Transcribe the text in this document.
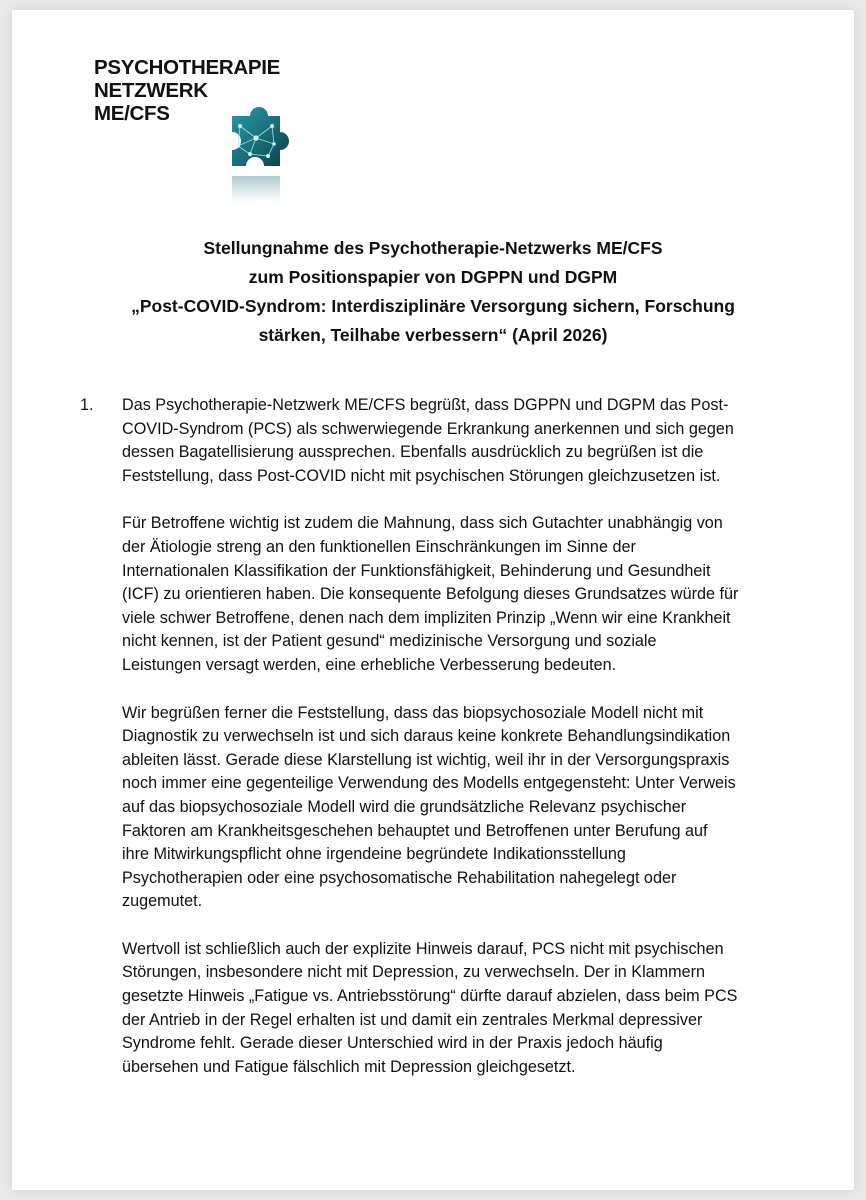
PSYCHOTHERAPIE
NETZWERK
ME/CFS
Stellungnahme des Psychotherapie-Netzwerks ME/CFS
zum Positionspapier von DGPPN und DGPM
„Post-COVID-Syndrom: Interdisziplinäre Versorgung sichern, Forschung
stärken, Teilhabe verbessern“ (April 2026)
1. Das Psychotherapie-Netzwerk ME/CFS begrüßt, dass DGPPN und DGPM das Post-
COVID-Syndrom (PCS) als schwerwiegende Erkrankung anerkennen und sich gegen
dessen Bagatellisierung aussprechen. Ebenfalls ausdrücklich zu begrüßen ist die
Feststellung, dass Post-COVID nicht mit psychischen Störungen gleichzusetzen ist.

Für Betroffene wichtig ist zudem die Mahnung, dass sich Gutachter unabhängig von
der Ätiologie streng an den funktionellen Einschränkungen im Sinne der
Internationalen Klassifikation der Funktionsfähigkeit, Behinderung und Gesundheit
(ICF) zu orientieren haben. Die konsequente Befolgung dieses Grundsatzes würde für
viele schwer Betroffene, denen nach dem impliziten Prinzip „Wenn wir eine Krankheit
nicht kennen, ist der Patient gesund“ medizinische Versorgung und soziale
Leistungen versagt werden, eine erhebliche Verbesserung bedeuten.

Wir begrüßen ferner die Feststellung, dass das biopsychosoziale Modell nicht mit
Diagnostik zu verwechseln ist und sich daraus keine konkrete Behandlungsindikation
ableiten lässt. Gerade diese Klarstellung ist wichtig, weil ihr in der Versorgungspraxis
noch immer eine gegenteilige Verwendung des Modells entgegensteht: Unter Verweis
auf das biopsychosoziale Modell wird die grundsätzliche Relevanz psychischer
Faktoren am Krankheitsgeschehen behauptet und Betroffenen unter Berufung auf
ihre Mitwirkungspflicht ohne irgendeine begründete Indikationsstellung
Psychotherapien oder eine psychosomatische Rehabilitation nahegelegt oder
zugemutet.

Wertvoll ist schließlich auch der explizite Hinweis darauf, PCS nicht mit psychischen
Störungen, insbesondere nicht mit Depression, zu verwechseln. Der in Klammern
gesetzte Hinweis „Fatigue vs. Antriebsstörung“ dürfte darauf abzielen, dass beim PCS
der Antrieb in der Regel erhalten ist und damit ein zentrales Merkmal depressiver
Syndrome fehlt. Gerade dieser Unterschied wird in der Praxis jedoch häufig
übersehen und Fatigue fälschlich mit Depression gleichgesetzt.
